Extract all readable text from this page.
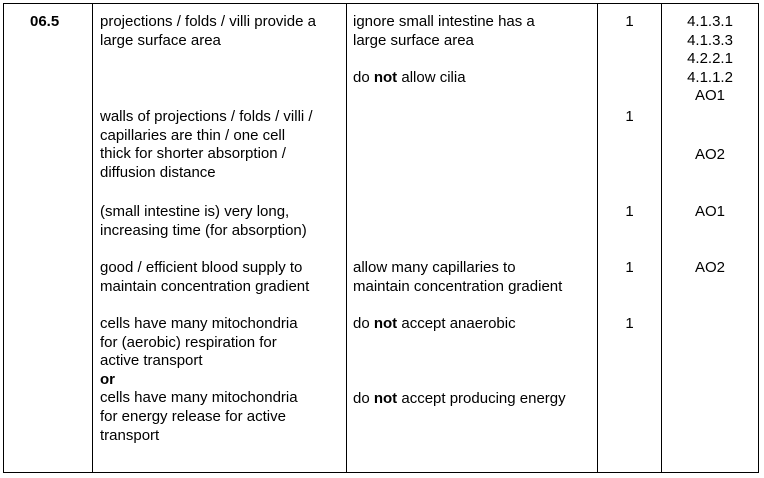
06.5	projections / folds / villi provide a
large surface area
walls of projections / folds / villi /
capillaries are thin / one cell
thick for shorter absorption /
diffusion distance
(small intestine is) very long,
increasing time (for absorption)
good / efficient blood supply to
maintain concentration gradient
cells have many mitochondria
for (aerobic) respiration for
active transport
or
cells have many mitochondria
for energy release for active
transport
ignore small intestine has a
large surface area
do not allow cilia
allow many capillaries to
maintain concentration gradient
do not accept anaerobic
do not accept producing energy
1
1
1
1
1
4.1.3.1
4.1.3.3
4.2.2.1
4.1.1.2
AO1
AO2
AO1
AO2
